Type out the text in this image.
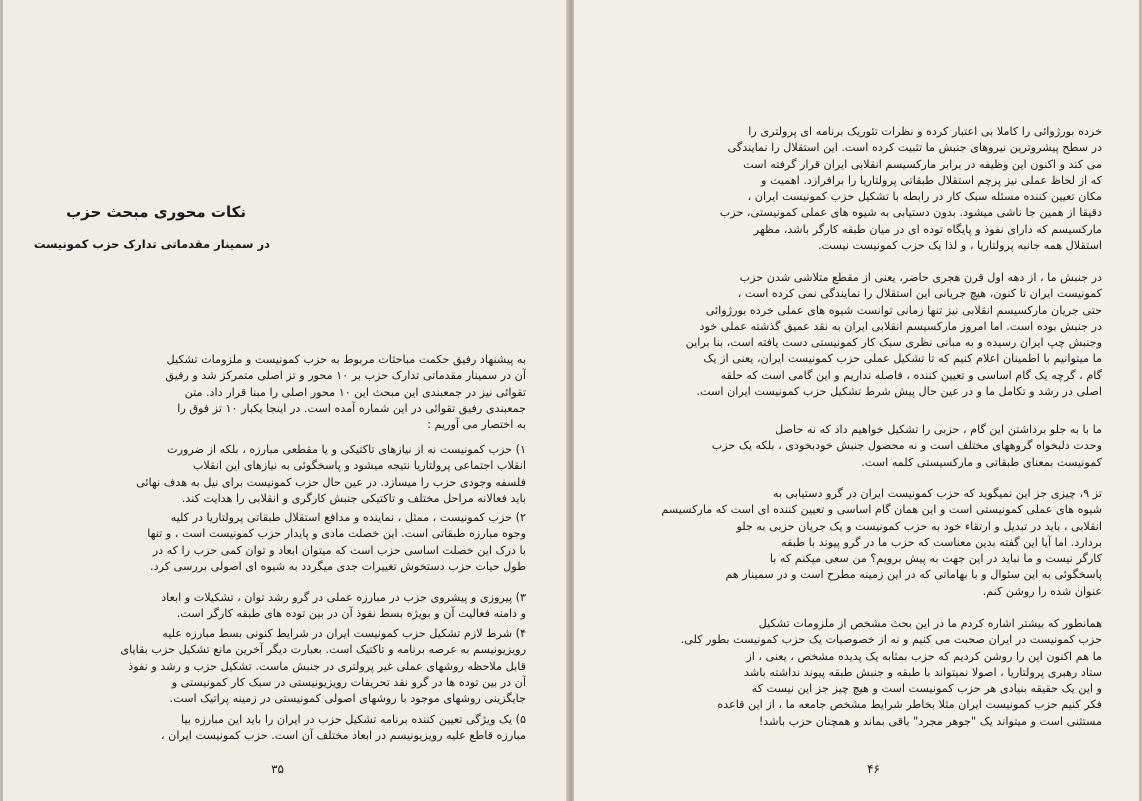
نکات محوری مبحث حزب
در سمینار مقدماتی تدارک حزب کمونیست
به پیشنهاد رفیق حکمت مباحثات مربوط به حزب کمونیست و ملزومات تشکیل
آن در سمینار مقدماتی تدارک حزب بر ۱۰ محور و تز اصلی متمرکز شد و رفیق
تقوائی نیز در جمعبندی این مبحث این ۱۰ محور اصلی را مبنا قرار داد. متن
جمعبندی رفیق تقوائی در این شماره آمده است. در اینجا یکبار ۱۰ تز فوق را
به اختصار می آوریم :
۱) حزب کمونیست نه از نیازهای تاکتیکی و یا مقطعی مبارزه ، بلکه از ضرورت
انقلاب اجتماعی پرولتاریا نتیجه میشود و پاسخگوئی به نیازهای این انقلاب
فلسفه وجودی حزب را میسازد. در عین حال حزب کمونیست برای نیل به هدف نهائی
باید فعالانه مراحل مختلف و تاکتیکی جنبش کارگری و انقلابی را هدایت کند.
۲) حزب کمونیست ، ممثل ، نماینده و مدافع استقلال طبقاتی پرولتاریا در کلیه
وجوه مبارزه طبقاتی است. این خصلت مادی و پایدار حزب کمونیست است ، و تنها
با درک این خصلت اساسی حزب است که میتوان ابعاد و توان کمی حزب را که در
طول حیات حزب دستخوش تغییرات جدی میگردد به شیوه ای اصولی بررسی کرد.
۳) پیروزی و پیشروی حزب در مبارزه عملی در گرو رشد توان ، تشکیلات و ابعاد
و دامنه فعالیت آن و بویژه بسط نفوذ آن در بین توده های طبقه کارگر است.
۴) شرط لازم تشکیل حزب کمونیست ایران در شرایط کنونی بسط مبارزه علیه
رویزیونیسم به عرصه برنامه و تاکتیک است. بعبارت دیگر آخرین مانع تشکیل حزب بقایای
قابل ملاحظه روشهای عملی غیر پرولتری در جنبش ماست. تشکیل حزب و رشد و نفوذ
آن در بین توده ها در گرو نقد تحریفات رویزیونیستی در سبک کار کمونیستی و
جایگزینی روشهای موجود با روشهای اصولی کمونیستی در زمینه پراتیک است.
۵) یک ویژگی تعیین کننده برنامه تشکیل حزب در ایران را باید این مبارزه بیا
مبارزه قاطع علیه رویزیونیسم در ابعاد مختلف آن است. حزب کمونیست ایران ،
۳۵
خرده بورژوائی را کاملا بی اعتبار کرده و نظرات تئوریک برنامه ای پرولتری را
در سطح پیشروترین نیروهای جنبش ما تثبیت کرده است. این استقلال را نمایندگی
می کند و اکنون این وظیفه در برابر مارکسیسم انقلابی ایران قرار گرفته است
که از لحاظ عملی نیز پرچم استقلال طبقاتی پرولتاریا را برافرازد. اهمیت و
مکان تعیین کننده مسئله سبک کار در رابطه با تشکیل حزب کمونیست ایران ،
دقیقا از همین جا ناشی میشود. بدون دستیابی به شیوه های عملی کمونیستی، حزب
مارکسیسم که دارای نفوذ و پایگاه توده ای در میان طبقه کارگر باشد، مظهر
استقلال همه جانبه پرولتاریا ، و لذا یک حزب کمونیست نیست.
در جنبش ما ، از دهه اول قرن هجری حاضر، یعنی از مقطع متلاشی شدن حزب
کمونیست ایران تا کنون، هیچ جریانی این استقلال را نمایندگی نمی کرده است ،
حتی جریان مارکسیسم انقلابی نیز تنها زمانی توانست شیوه های عملی خرده بورژوائی
در جنبش بوده است. اما امروز مارکسیسم انقلابی ایران به نقد عمیق گذشته عملی خود
وجنبش چپ ایران رسیده و به مبانی نظری سبک کار کمونیستی دست یافته است، بنا براین
ما میتوانیم با اطمینان اعلام کنیم که تا تشکیل عملی حزب کمونیست ایران، یعنی از یک
گام ، گرچه یک گام اساسی و تعیین کننده ، فاصله نداریم و این گامی است که حلقه
اصلی در رشد و تکامل ما و در عین حال پیش شرط تشکیل حزب کمونیست ایران است.
ما با به جلو برداشتن این گام ، حزبی را تشکیل خواهیم داد که نه حاصل
وحدت دلبخواه گروههای مختلف است و نه محصول جنبش خودبخودی ، بلکه یک حزب
کمونیست بمعنای طبقاتی و مارکسیستی کلمه است.
تز ۹، چیزی جز این نمیگوید که حزب کمونیست ایران در گرو دستیابی به
شیوه های عملی کمونیستی است و این همان گام اساسی و تعیین کننده ای است که مارکسیسم
انقلابی ، باید در تبدیل و ارتقاء خود به حزب کمونیست و یک جریان حزبی به جلو
بردارد. اما آیا این گفته بدین معناست که حزب ما در گرو پیوند با طبقه
کارگر نیست و ما نباید در این جهت به پیش برویم؟ من سعی میکنم که با
پاسخگوئی به این سئوال و با بهاماتی که در این زمینه مطرح است و در سمینار هم
عنوان شده را روشن کنم.
همانطور که بیشتر اشاره کردم ما در این بحث مشخص از ملزومات تشکیل
حزب کمونیست در ایران صحبت می کنیم و نه از خصوصیات یک حزب کمونیست بطور کلی.
ما هم اکنون این را روشن کردیم که حزب بمثابه یک پدیده مشخص ، یعنی ، از
ستاد رهبری پرولتاریا ، اصولا نمیتواند با طبقه و جنبش طبقه پیوند نداشته باشد
و این یک حقیقه بنیادی هر حزب کمونیست است و هیچ چیز جز این نیست که
فکر کنیم حزب کمونیست ایران مثلا بخاطر شرایط مشخص جامعه ما ، از این قاعده
مستثنی است و میتواند یک "جوهر مجرد" باقی بماند و همچنان حزب باشد!
۴۶
